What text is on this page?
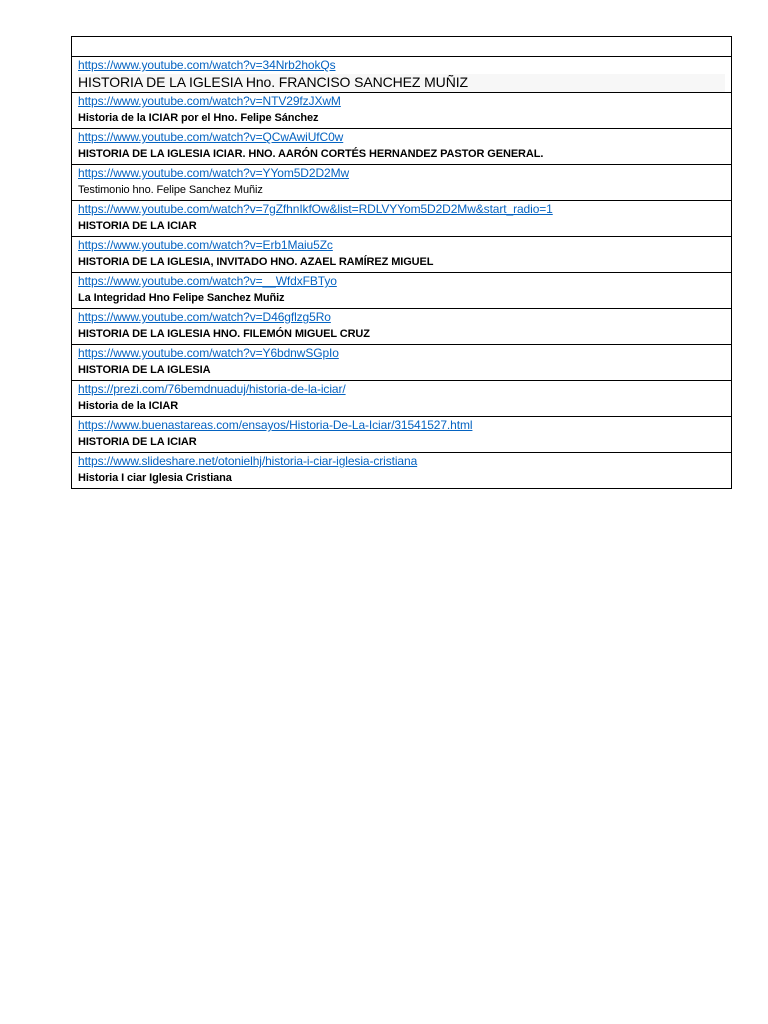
https://www.youtube.com/watch?v=34Nrb2hokQs
HISTORIA DE LA IGLESIA Hno. FRANCISO SANCHEZ MUÑIZ
https://www.youtube.com/watch?v=NTV29fzJXwM
Historia de la ICIAR por el Hno. Felipe Sánchez
https://www.youtube.com/watch?v=QCwAwiUfC0w
HISTORIA DE LA IGLESIA ICIAR. HNO. AARÓN CORTÉS HERNANDEZ PASTOR GENERAL.
https://www.youtube.com/watch?v=YYom5D2D2Mw
Testimonio hno. Felipe Sanchez Muñiz
https://www.youtube.com/watch?v=7gZfhnIkfOw&list=RDLVYYom5D2D2Mw&start_radio=1
HISTORIA DE LA ICIAR
https://www.youtube.com/watch?v=Erb1Maiu5Zc
HISTORIA DE LA IGLESIA, INVITADO HNO. AZAEL RAMÍREZ MIGUEL
https://www.youtube.com/watch?v=__WfdxFBTyo
La Integridad Hno Felipe Sanchez Muñiz
https://www.youtube.com/watch?v=D46gflzg5Ro
HISTORIA DE LA IGLESIA HNO. FILEMÓN MIGUEL CRUZ
https://www.youtube.com/watch?v=Y6bdnwSGpIo
HISTORIA DE LA IGLESIA
https://prezi.com/76bemdnuaduj/historia-de-la-iciar/
Historia de la ICIAR
https://www.buenastareas.com/ensayos/Historia-De-La-Iciar/31541527.html
HISTORIA DE LA ICIAR
https://www.slideshare.net/otonielhj/historia-i-ciar-iglesia-cristiana
Historia I ciar Iglesia Cristiana
